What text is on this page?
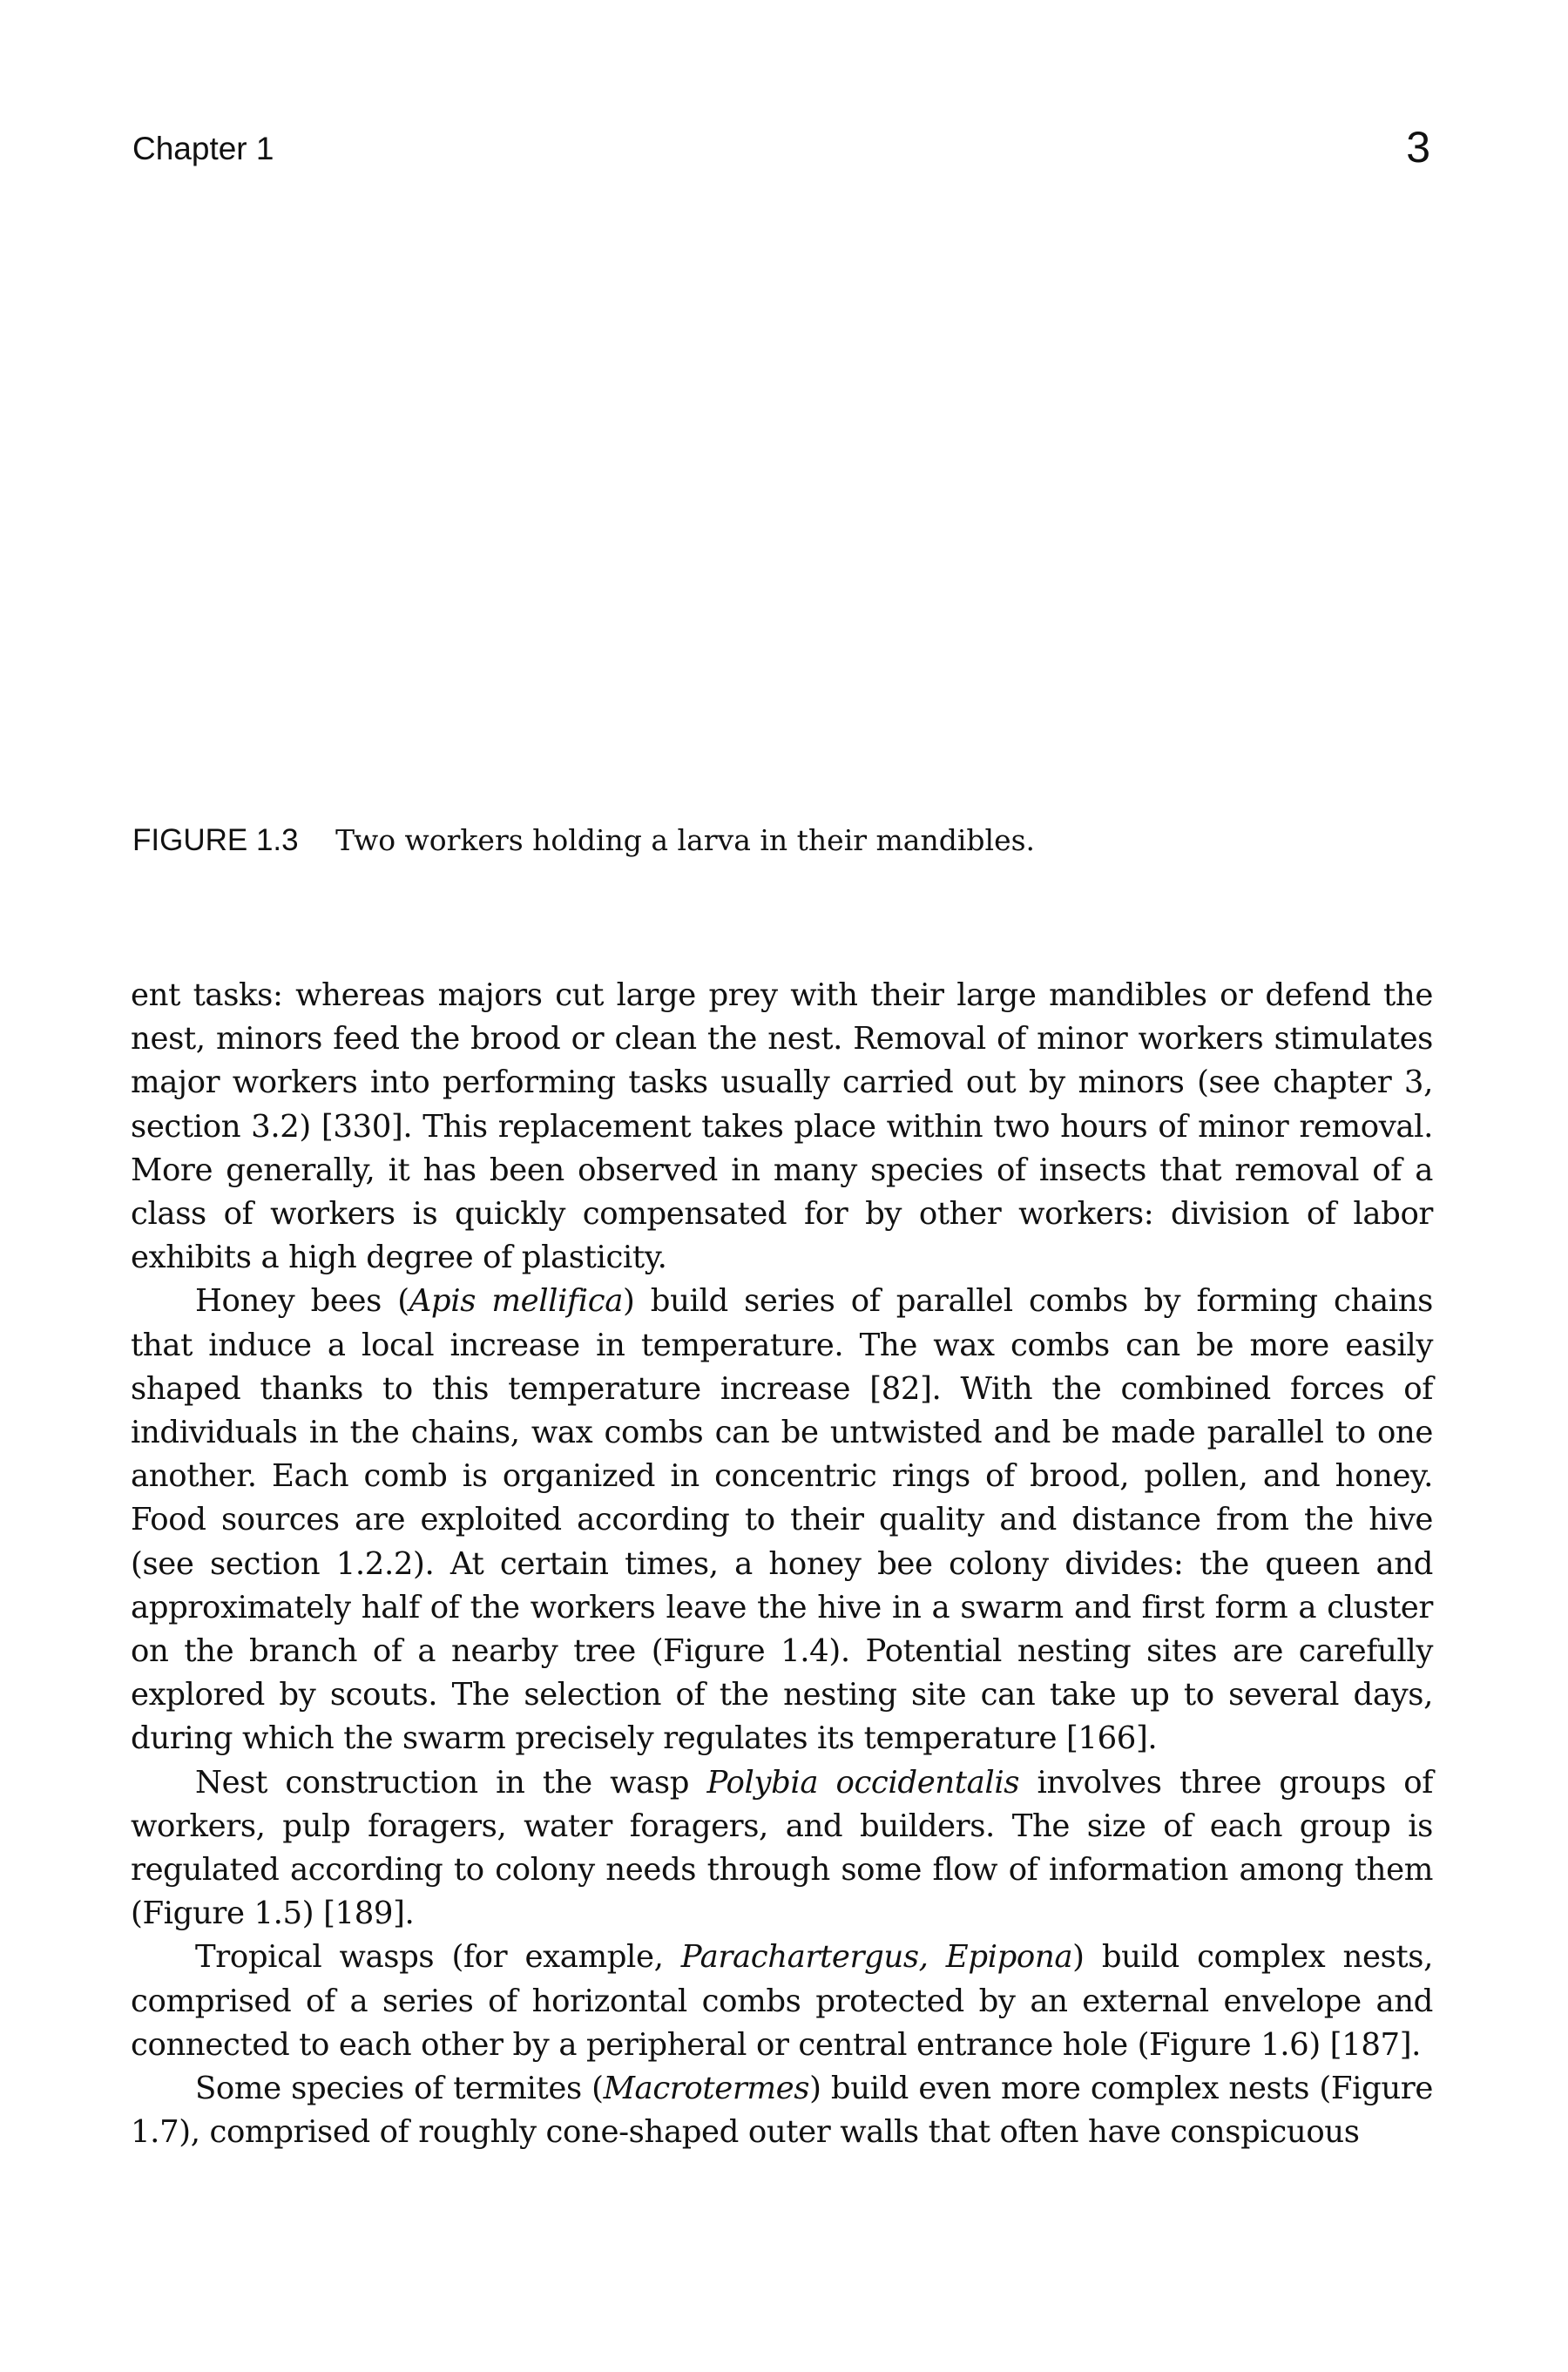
Chapter 1	3
FIGURE 1.3 Two workers holding a larva in their mandibles.

ent tasks: whereas majors cut large prey with their large mandibles or defend the nest, minors feed the brood or clean the nest. Removal of minor workers stimulates major workers into performing tasks usually carried out by minors (see chapter 3, section 3.2) [330]. This replacement takes place within two hours of minor removal. More generally, it has been observed in many species of insects that removal of a class of workers is quickly compensated for by other workers: division of labor exhibits a high degree of plasticity.

Honey bees (Apis mellifica) build series of parallel combs by forming chains that induce a local increase in temperature. The wax combs can be more easily shaped thanks to this temperature increase [82]. With the combined forces of individuals in the chains, wax combs can be untwisted and be made parallel to one another. Each comb is organized in concentric rings of brood, pollen, and honey. Food sources are exploited according to their quality and distance from the hive (see section 1.2.2). At certain times, a honey bee colony divides: the queen and approximately half of the workers leave the hive in a swarm and first form a cluster on the branch of a nearby tree (Figure 1.4). Potential nesting sites are carefully explored by scouts. The selection of the nesting site can take up to several days, during which the swarm precisely regulates its temperature [166].

Nest construction in the wasp Polybia occidentalis involves three groups of workers, pulp foragers, water foragers, and builders. The size of each group is regulated according to colony needs through some flow of information among them (Figure 1.5) [189].

Tropical wasps (for example, Parachartergus, Epipona) build complex nests, comprised of a series of horizontal combs protected by an external envelope and connected to each other by a peripheral or central entrance hole (Figure 1.6) [187].

Some species of termites (Macrotermes) build even more complex nests (Figure 1.7), comprised of roughly cone-shaped outer walls that often have conspicuous
